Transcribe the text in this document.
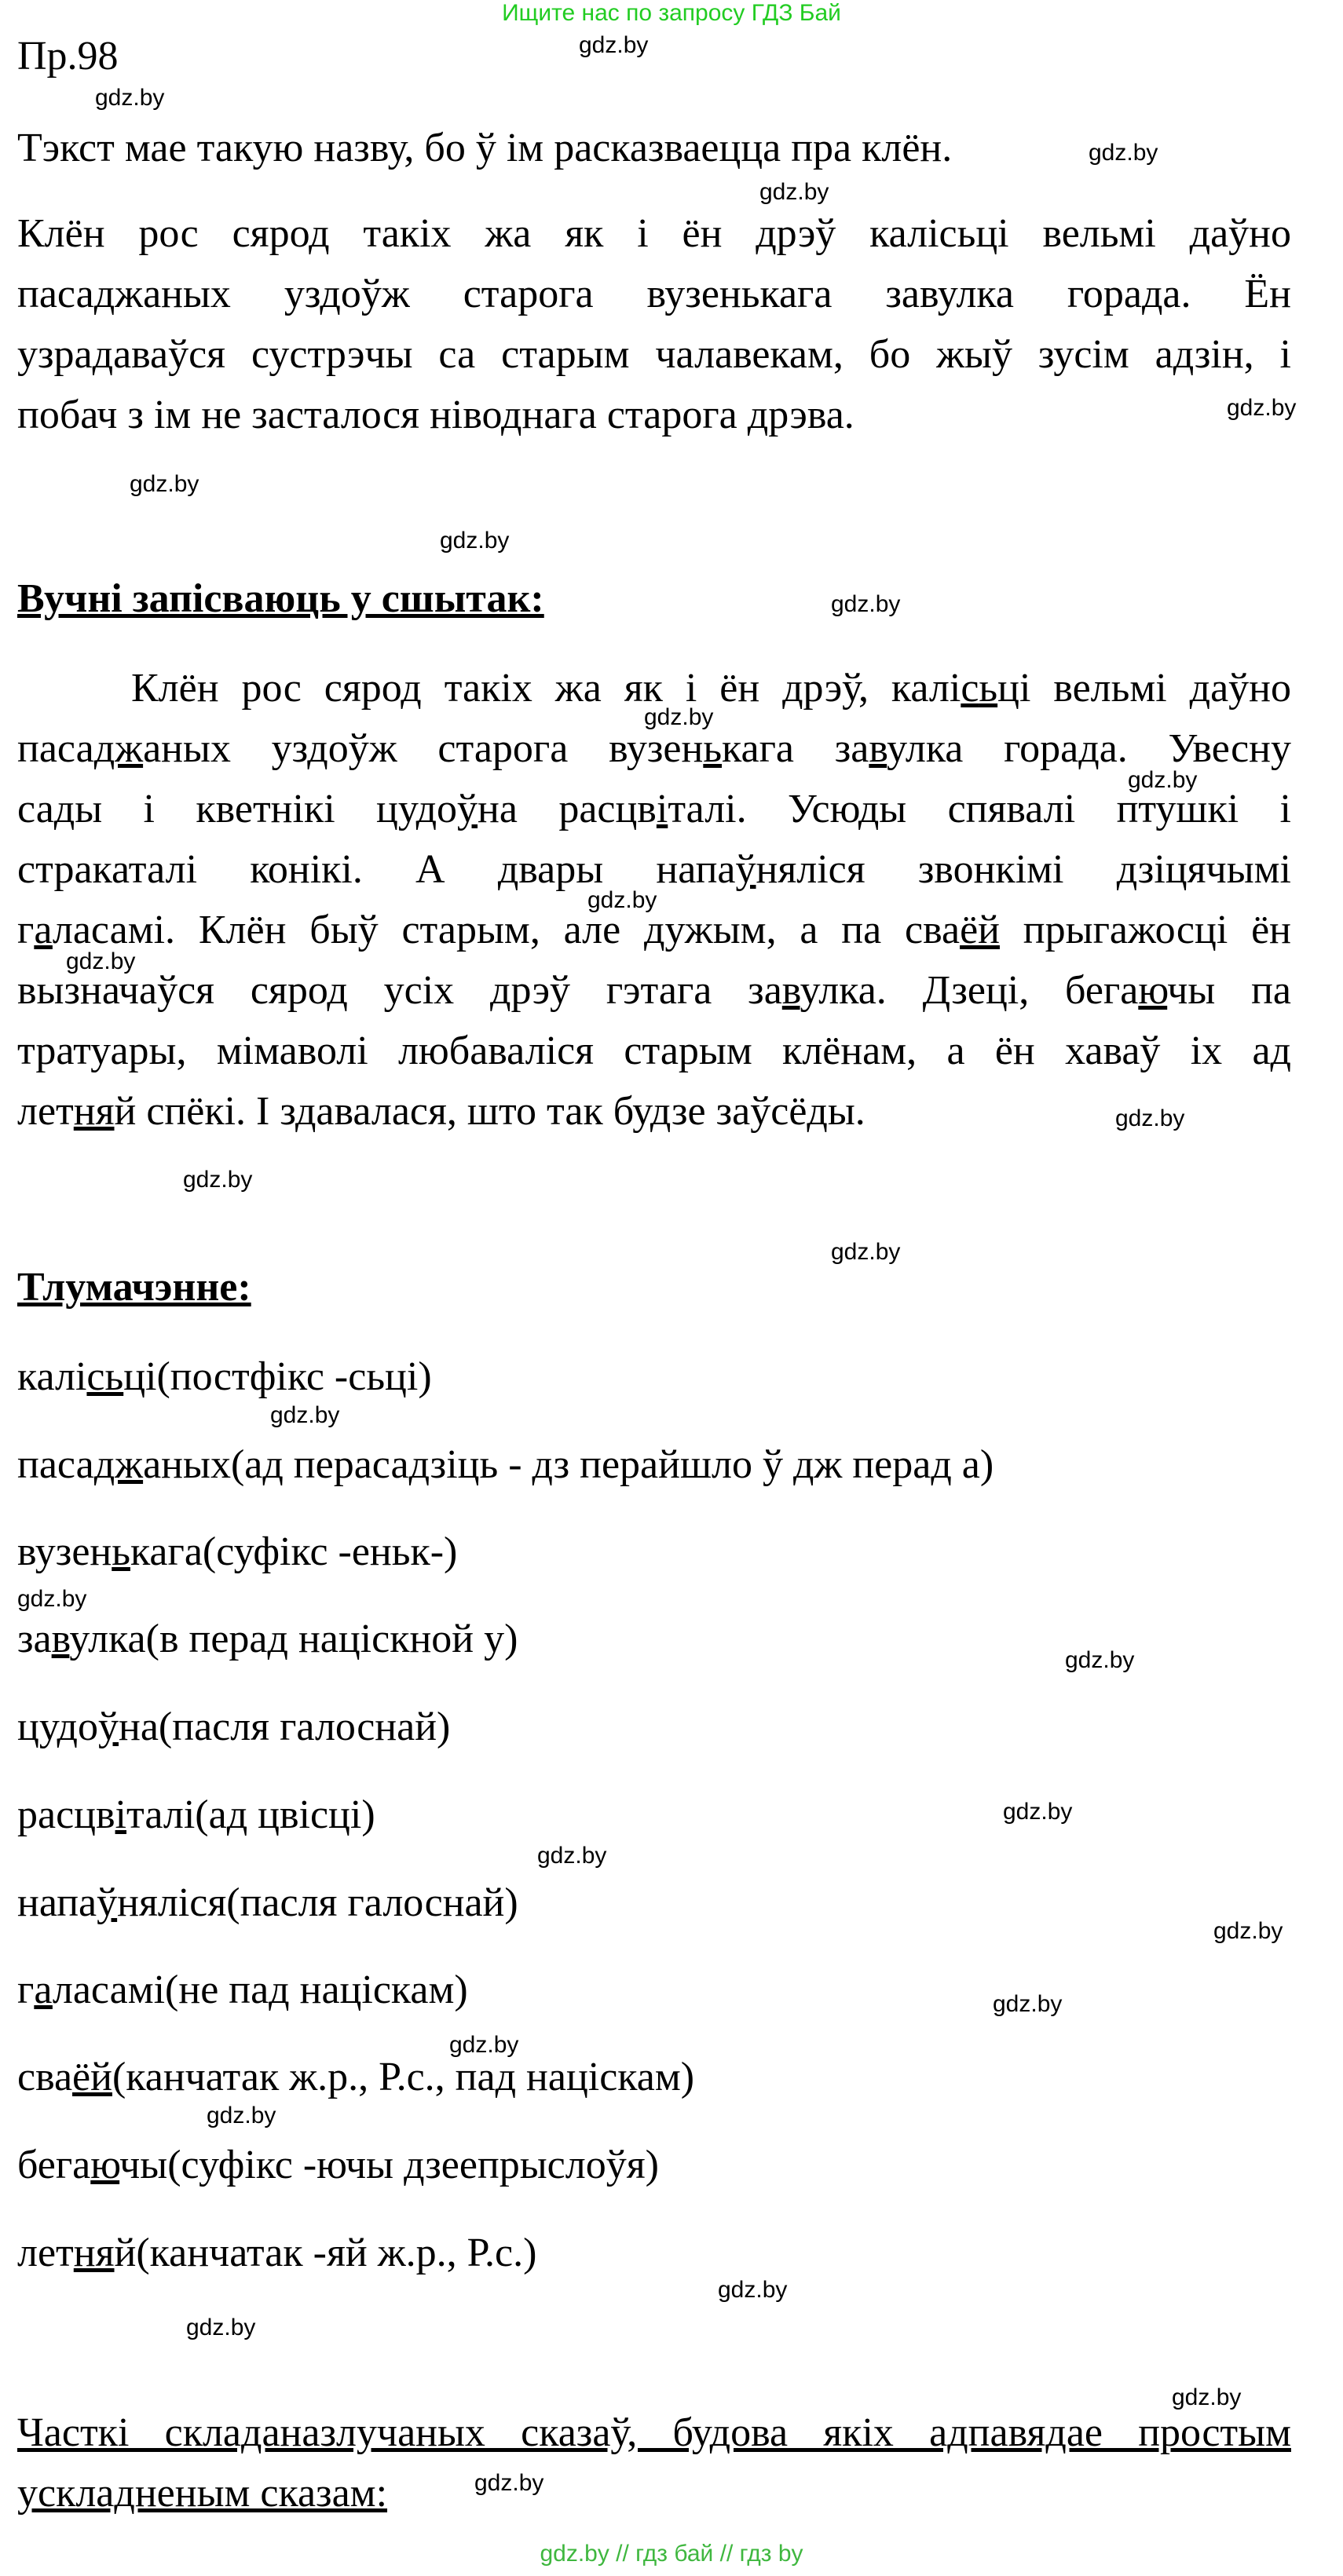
Ищите нас по запросу ГДЗ Бай
Пр.98
Тэкст мае такую назву, бо ў ім расказваецца пра клён.
Клён рос сярод такіх жа як і ён дрэў калісьці вельмі даўно
пасаджаных уздоўж старога вузенькага завулка горада. Ён
узрадаваўся сустрэчы са старым чалавекам, бо жыў зусім адзін, і
побач з ім не засталося ніводнага старога дрэва.
Вучні запісваюць у сшытак:
Клён рос сярод такіх жа як і ён дрэў, калісьці вельмі даўно
пасаджаных уздоўж старога вузенькага завулка горада. Увесну
сады і кветнікі цудоўна расцвіталі. Усюды спявалі птушкі і
стракаталі конікі. А двары напаўняліся звонкімі дзіцячымі
галасамі. Клён быў старым, але дужым, а па сваёй прыгажосці ён
вызначаўся сярод усіх дрэў гэтага завулка. Дзеці, бегаючы па
тратуары, мімаволі любаваліся старым клёнам, а ён хаваў іх ад
летняй спёкі. І здавалася, што так будзе заўсёды.
Тлумачэнне:
калісьці(постфікс -сьці)
пасаджаных(ад перасадзіць - дз перайшло ў дж перад а)
вузенькага(суфікс -еньк-)
завулка(в перад націскной у)
цудоўна(пасля галоснай)
расцвіталі(ад цвісці)
напаўняліся(пасля галоснай)
галасамі(не пад націскам)
сваёй(канчатак ж.р., Р.с., пад націскам)
бегаючы(суфікс -ючы дзеепрыслоўя)
летняй(канчатак -яй ж.р., Р.с.)
Часткі складаназлучаных сказаў, будова якіх адпавядае простым
ускладненым сказам:
gdz.by
gdz.by
gdz.by
gdz.by
gdz.by
gdz.by
gdz.by
gdz.by
gdz.by
gdz.by
gdz.by
gdz.by
gdz.by
gdz.by
gdz.by
gdz.by
gdz.by
gdz.by
gdz.by
gdz.by
gdz.by
gdz.by
gdz.by
gdz.by
gdz.by
gdz.by
gdz.by
gdz.by
gdz.by // гдз бай // гдз by
